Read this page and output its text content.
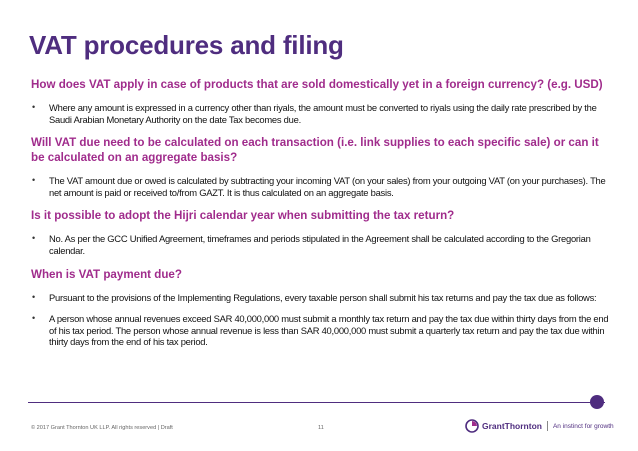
VAT procedures and filing
How does VAT apply in case of products that are sold domestically yet in a foreign currency? (e.g. USD)
• Where any amount is expressed in a currency other than riyals, the amount must be converted to riyals using the daily rate prescribed by the Saudi Arabian Monetary Authority on the date Tax becomes due.
Will VAT due need to be calculated on each transaction (i.e. link supplies to each specific sale) or can it be calculated on an aggregate basis?
• The VAT amount due or owed is calculated by subtracting your incoming VAT (on your sales) from your outgoing VAT (on your purchases). The net amount is paid or received to/from GAZT. It is thus calculated on an aggregate basis.
Is it possible to adopt the Hijri calendar year when submitting the tax return?
• No. As per the GCC Unified Agreement, timeframes and periods stipulated in the Agreement shall be calculated according to the Gregorian calendar.
When is VAT payment due?
• Pursuant to the provisions of the Implementing Regulations, every taxable person shall submit his tax returns and pay the tax due as follows:
• A person whose annual revenues exceed SAR 40,000,000 must submit a monthly tax return and pay the tax due within thirty days from the end of his tax period. The person whose annual revenue is less than SAR 40,000,000 must submit a quarterly tax return and pay the tax due within thirty days from the end of his tax period.
© 2017 Grant Thornton UK LLP. All rights reserved | Draft	11	GrantThornton An instinct for growth
